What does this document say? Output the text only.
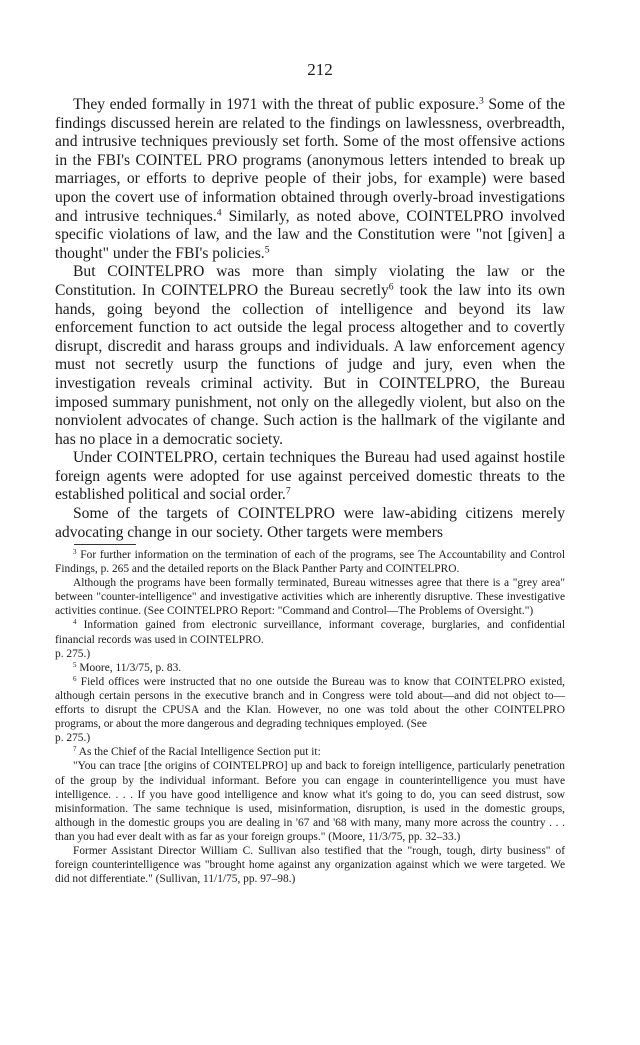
212

They ended formally in 1971 with the threat of public exposure.$^3$ Some of the findings discussed herein are related to the findings on lawlessness, overbreadth, and intrusive techniques previously set forth. Some of the most offensive actions in the FBI's COINTEL PRO programs (anonymous letters intended to break up marriages, or efforts to deprive people of their jobs, for example) were based upon the covert use of information obtained through overly-broad investigations and intrusive techniques.$^4$ Similarly, as noted above, COINTELPRO involved specific violations of law, and the law and the Constitution were "not [given] a thought" under the FBI's policies.$^5$

But COINTELPRO was more than simply violating the law or the Constitution. In COINTELPRO the Bureau secretly$^6$ took the law into its own hands, going beyond the collection of intelligence and beyond its law enforcement function to act outside the legal process altogether and to covertly disrupt, discredit and harass groups and individuals. A law enforcement agency must not secretly usurp the functions of judge and jury, even when the investigation reveals criminal activity. But in COINTELPRO, the Bureau imposed summary punishment, not only on the allegedly violent, but also on the nonviolent advocates of change. Such action is the hallmark of the vigilante and has no place in a democratic society.

Under COINTELPRO, certain techniques the Bureau had used against hostile foreign agents were adopted for use against perceived domestic threats to the established political and social order.$^7$

Some of the targets of COINTELPRO were law-abiding citizens merely advocating change in our society. Other targets were members

$^3$ For further information on the termination of each of the programs, see The Accountability and Control Findings, p. 265 and the detailed reports on the Black Panther Party and COINTELPRO.

Although the programs have been formally terminated, Bureau witnesses agree that there is a "grey area" between "counter-intelligence" and investigative activities which are inherently disruptive. These investigative activities continue. (See COINTELPRO Report: "Command and Control—The Problems of Oversight.")

$^4$ Information gained from electronic surveillance, informant coverage, burglaries, and confidential financial records was used in COINTELPRO.

p. 275.)

$^5$ Moore, 11/3/75, p. 83.

$^6$ Field offices were instructed that no one outside the Bureau was to know that COINTELPRO existed, although certain persons in the executive branch and in Congress were told about—and did not object to—efforts to disrupt the CPUSA and the Klan. However, no one was told about the other COINTELPRO programs, or about the more dangerous and degrading techniques employed. (See

p. 275.)

$^7$ As the Chief of the Racial Intelligence Section put it:

"You can trace [the origins of COINTELPRO] up and back to foreign intelligence, particularly penetration of the group by the individual informant. Before you can engage in counterintelligence you must have intelligence. . . . If you have good intelligence and know what it's going to do, you can seed distrust, sow misinformation. The same technique is used, misinformation, disruption, is used in the domestic groups, although in the domestic groups you are dealing in '67 and '68 with many, many more across the country . . . than you had ever dealt with as far as your foreign groups." (Moore, 11/3/75, pp. 32–33.)

Former Assistant Director William C. Sullivan also testified that the "rough, tough, dirty business" of foreign counterintelligence was "brought home against any organization against which we were targeted. We did not differentiate." (Sullivan, 11/1/75, pp. 97–98.)
